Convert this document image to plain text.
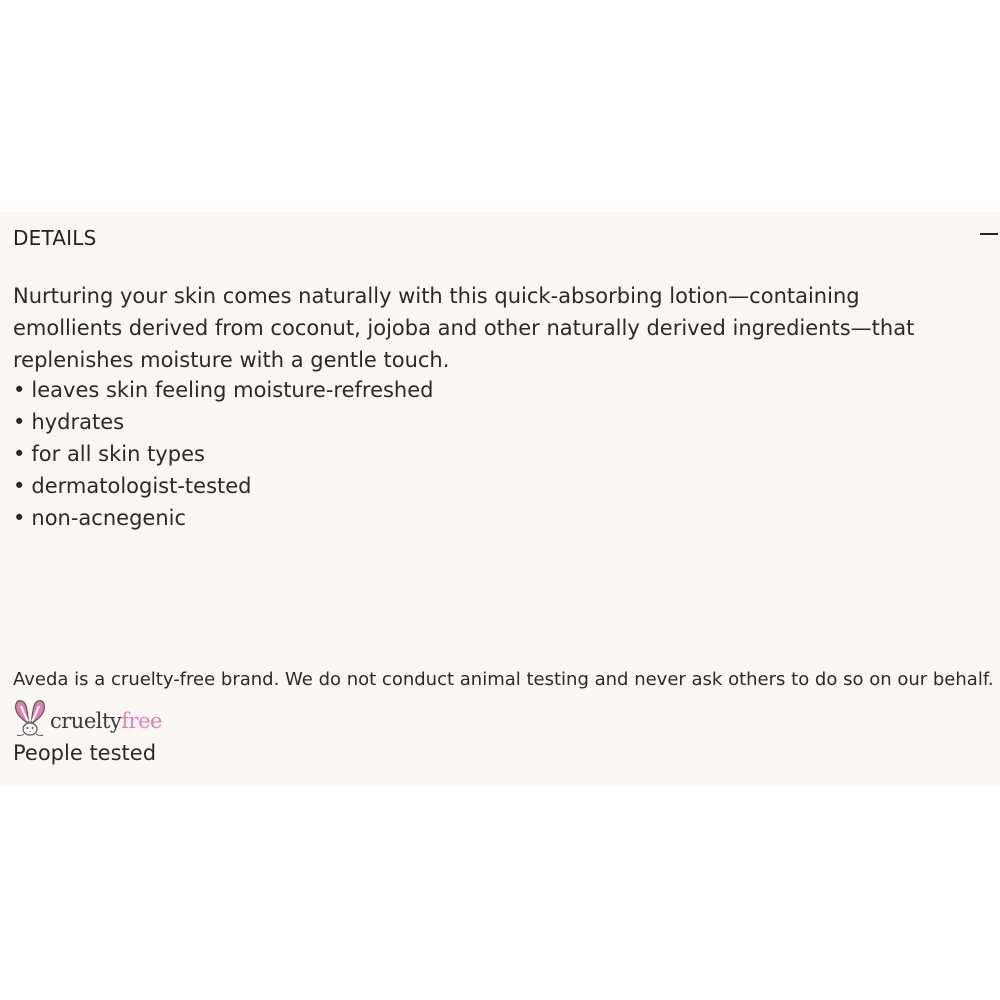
DETAILS

Nurturing your skin comes naturally with this quick-absorbing lotion—containing emollients derived from coconut, jojoba and other naturally derived ingredients—that replenishes moisture with a gentle touch.

• leaves skin feeling moisture-refreshed
• hydrates
• for all skin types
• dermatologist-tested
• non-acnegenic
Aveda is a cruelty-free brand. We do not conduct animal testing and never ask others to do so on our behalf.
crueltyfree
People tested
